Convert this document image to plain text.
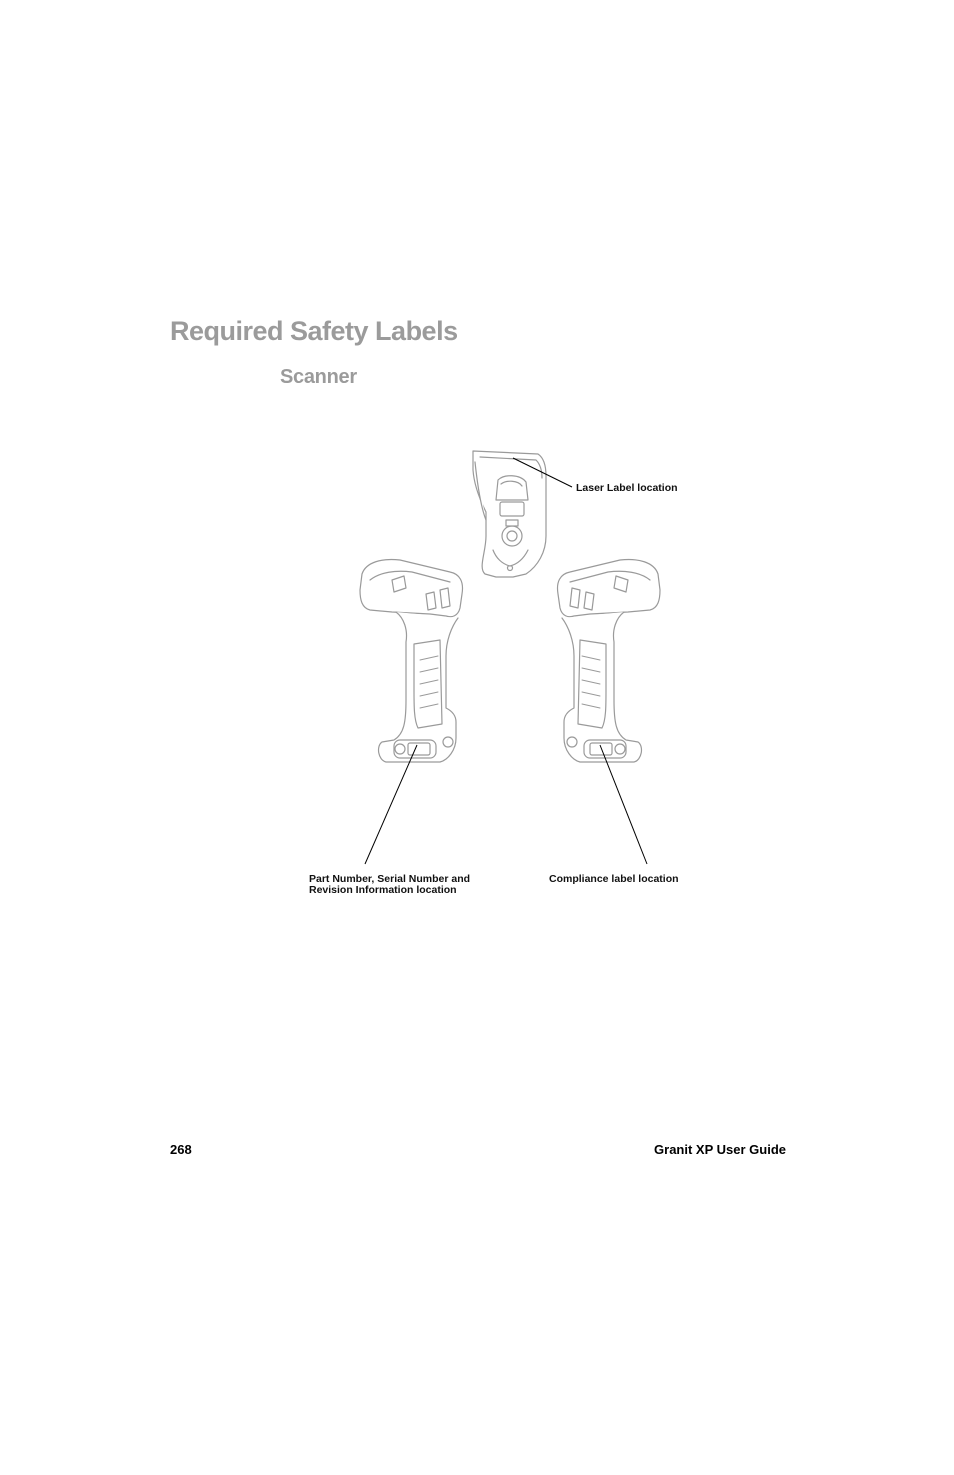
Required Safety Labels
Scanner
Laser Label location
Part Number, Serial Number and
Revision Information location
Compliance label location
268	Granit XP User Guide
